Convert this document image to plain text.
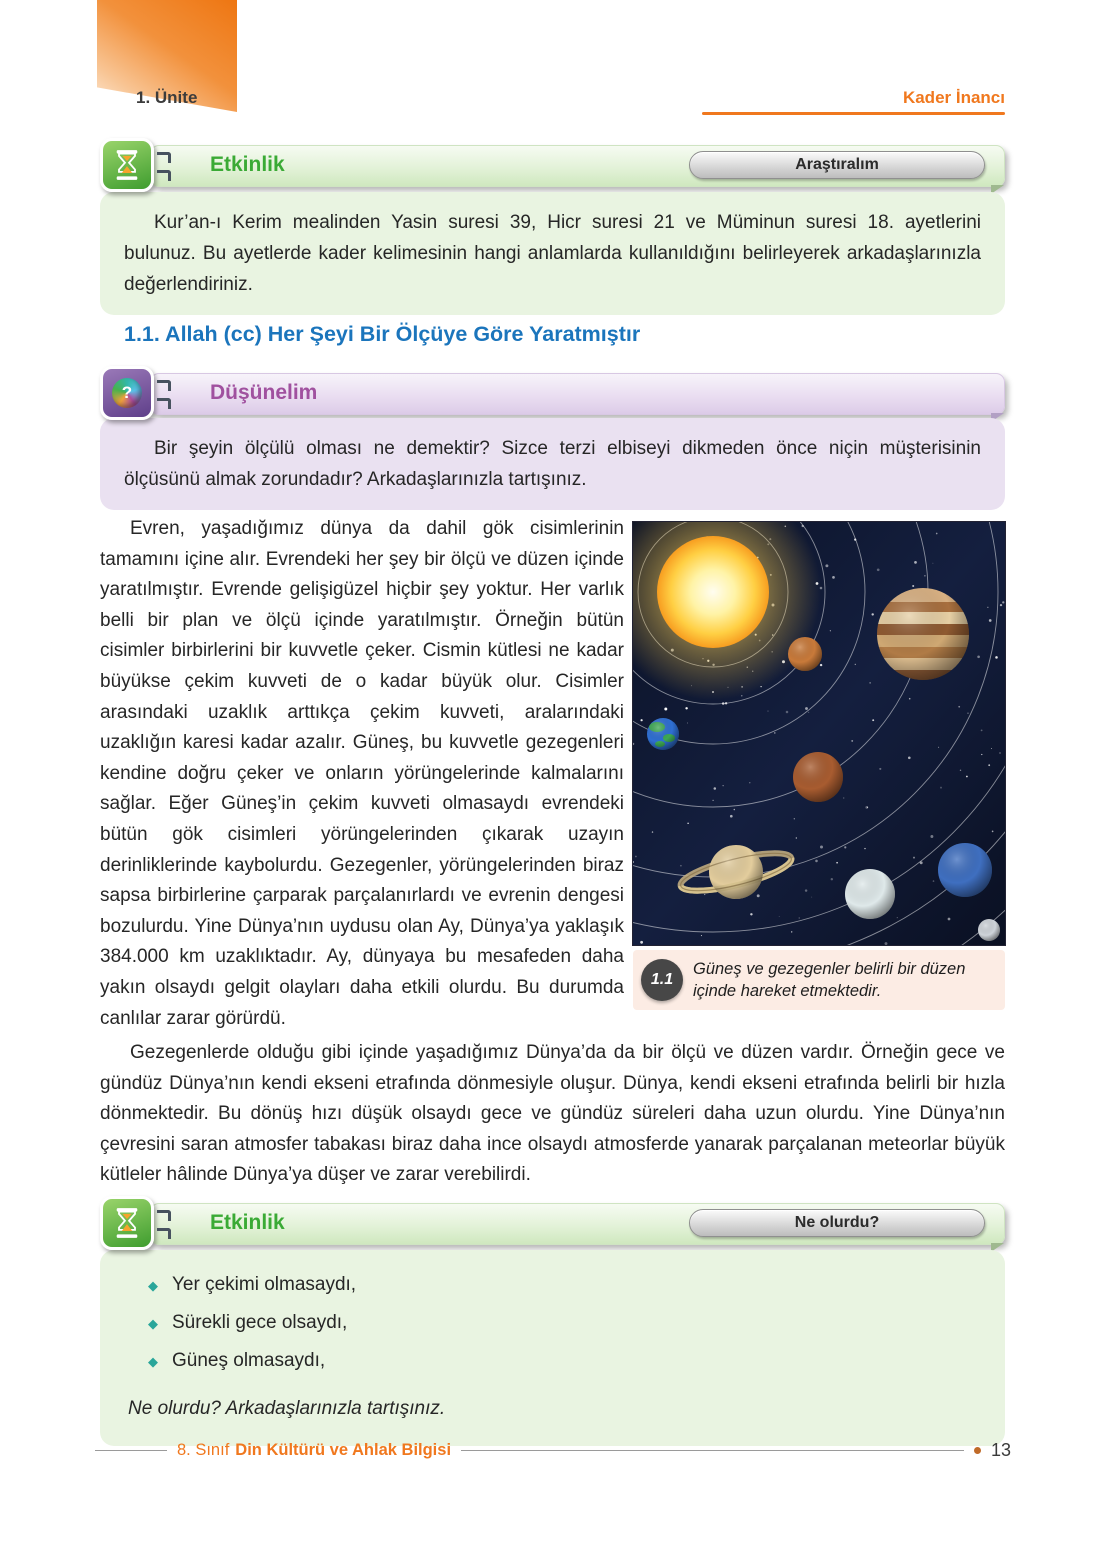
1. Ünite	Kader İnancı
Etkinlik	Araştıralım

Kur’an-ı Kerim mealinden Yasin suresi 39, Hicr suresi 21 ve Müminun suresi 18. ayetlerini bulunuz. Bu ayetlerde kader kelimesinin hangi anlamlarda kullanıldığını belirleyerek arkadaşlarınızla değerlendiriniz.

1.1. Allah (cc) Her Şeyi Bir Ölçüye Göre Yaratmıştır
?	Düşünelim

Bir şeyin ölçülü olması ne demektir? Sizce terzi elbiseyi dikmeden önce niçin müşterisinin ölçüsünü almak zorundadır? Arkadaşlarınızla tartışınız.

Evren, yaşadığımız dünya da dahil gök cisimlerinin tamamını içine alır. Evrendeki her şey bir ölçü ve düzen içinde yaratılmıştır. Evrende gelişigüzel hiçbir şey yoktur. Her varlık belli bir plan ve ölçü içinde yaratılmıştır. Örneğin bütün cisimler birbirlerini bir kuvvetle çeker. Cismin kütlesi ne kadar büyükse çekim kuvveti de o kadar büyük olur. Cisimler arasındaki uzaklık arttıkça çekim kuvveti, aralarındaki uzaklığın karesi kadar azalır. Güneş, bu kuvvetle gezegenleri kendine doğru çeker ve onların yörüngelerinde kalmalarını sağlar. Eğer Güneş’in çekim kuvveti olmasaydı evrendeki bütün gök cisimleri yörüngelerinden çıkarak uzayın derinliklerinde kaybolurdu. Gezegenler, yörüngelerinden biraz sapsa birbirlerine çarparak parçalanırlardı ve evrenin dengesi bozulurdu. Yine Dünya’nın uydusu olan Ay, Dünya’ya yaklaşık 384.000 km uzaklıktadır. Ay, dünyaya bu mesafeden daha yakın olsaydı gelgit olayları daha etkili olurdu. Bu durumda canlılar zarar görürdü.
1.1
Güneş ve gezegenler belirli bir düzen içinde hareket etmektedir.
Gezegenlerde olduğu gibi içinde yaşadığımız Dünya’da da bir ölçü ve düzen vardır. Örneğin gece ve gündüz Dünya’nın kendi ekseni etrafında dönmesiyle oluşur. Dünya, kendi ekseni etrafında belirli bir hızla dönmektedir. Bu dönüş hızı düşük olsaydı gece ve gündüz süreleri daha uzun olurdu. Yine Dünya’nın çevresini saran atmosfer tabakası biraz daha ince olsaydı atmosferde yanarak parçalanan meteorlar büyük kütleler hâlinde Dünya’ya düşer ve zarar verebilirdi.
Etkinlik	Ne olurdu?
◆ Yer çekimi olmasaydı,
◆ Sürekli gece olsaydı,
◆ Güneş olmasaydı,
Ne olurdu? Arkadaşlarınızla tartışınız.
8. Sınıf Din Kültürü ve Ahlak Bilgisi	13
